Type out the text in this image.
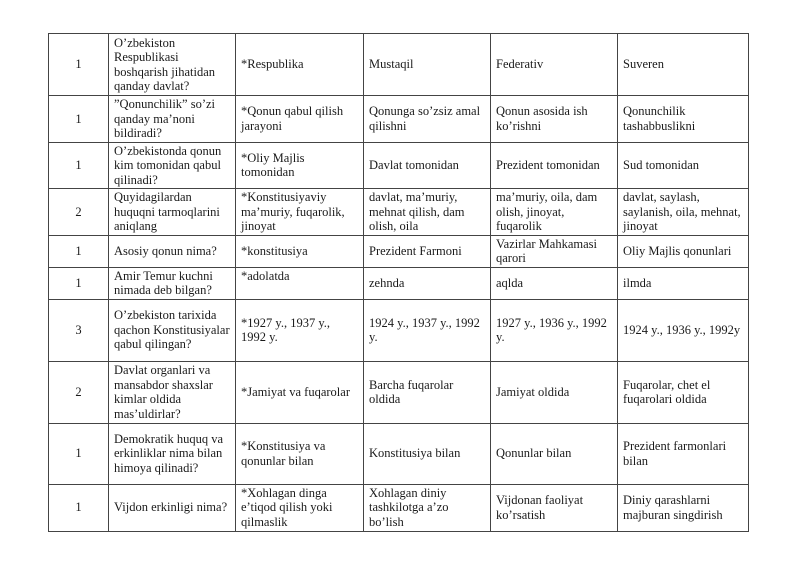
1	O’zbekiston Respublikasi boshqarish jihatidan qanday davlat?	*Respublika	Mustaqil	Federativ	Suveren
1	”Qonunchilik” so’zi qanday ma’noni bildiradi?	*Qonun qabul qilish jarayoni	Qonunga so’zsiz amal qilishni	Qonun asosida ish ko’rishni	Qonunchilik tashabbuslikni
1	O’zbekistonda qonun kim tomonidan qabul qilinadi?	*Oliy Majlis tomonidan	Davlat tomonidan	Prezident tomonidan	Sud tomonidan
2	Quyidagilardan huquqni tarmoqlarini aniqlang	*Konstitusiyaviy ma’muriy, fuqarolik, jinoyat	davlat, ma’muriy, mehnat qilish, dam olish, oila	ma’muriy, oila, dam olish, jinoyat, fuqarolik	davlat, saylash, saylanish, oila, mehnat, jinoyat
1	Asosiy qonun nima?	*konstitusiya	Prezident Farmoni	Vazirlar Mahkamasi qarori	Oliy Majlis qonunlari
1	Amir Temur kuchni nimada deb bilgan?	*adolatda	zehnda	aqlda	ilmda
3	O’zbekiston tarixida qachon Konstitusiyalar qabul qilingan?	*1927 y., 1937 y., 1992 y.	1924 y., 1937 y., 1992 y.	1927 y., 1936 y., 1992 y.	1924 y., 1936 y., 1992y
2	Davlat organlari va mansabdor shaxslar kimlar oldida mas’uldirlar?	*Jamiyat va fuqarolar	Barcha fuqarolar oldida	Jamiyat oldida	Fuqarolar, chet el fuqarolari oldida
1	Demokratik huquq va erkinliklar nima bilan himoya qilinadi?	*Konstitusiya va qonunlar bilan	Konstitusiya bilan	Qonunlar bilan	Prezident farmonlari bilan
1	Vijdon erkinligi nima?	*Xohlagan dinga e’tiqod qilish yoki qilmaslik	Xohlagan diniy tashkilotga a’zo bo’lish	Vijdonan faoliyat ko’rsatish	Diniy qarashlarni majburan singdirish
